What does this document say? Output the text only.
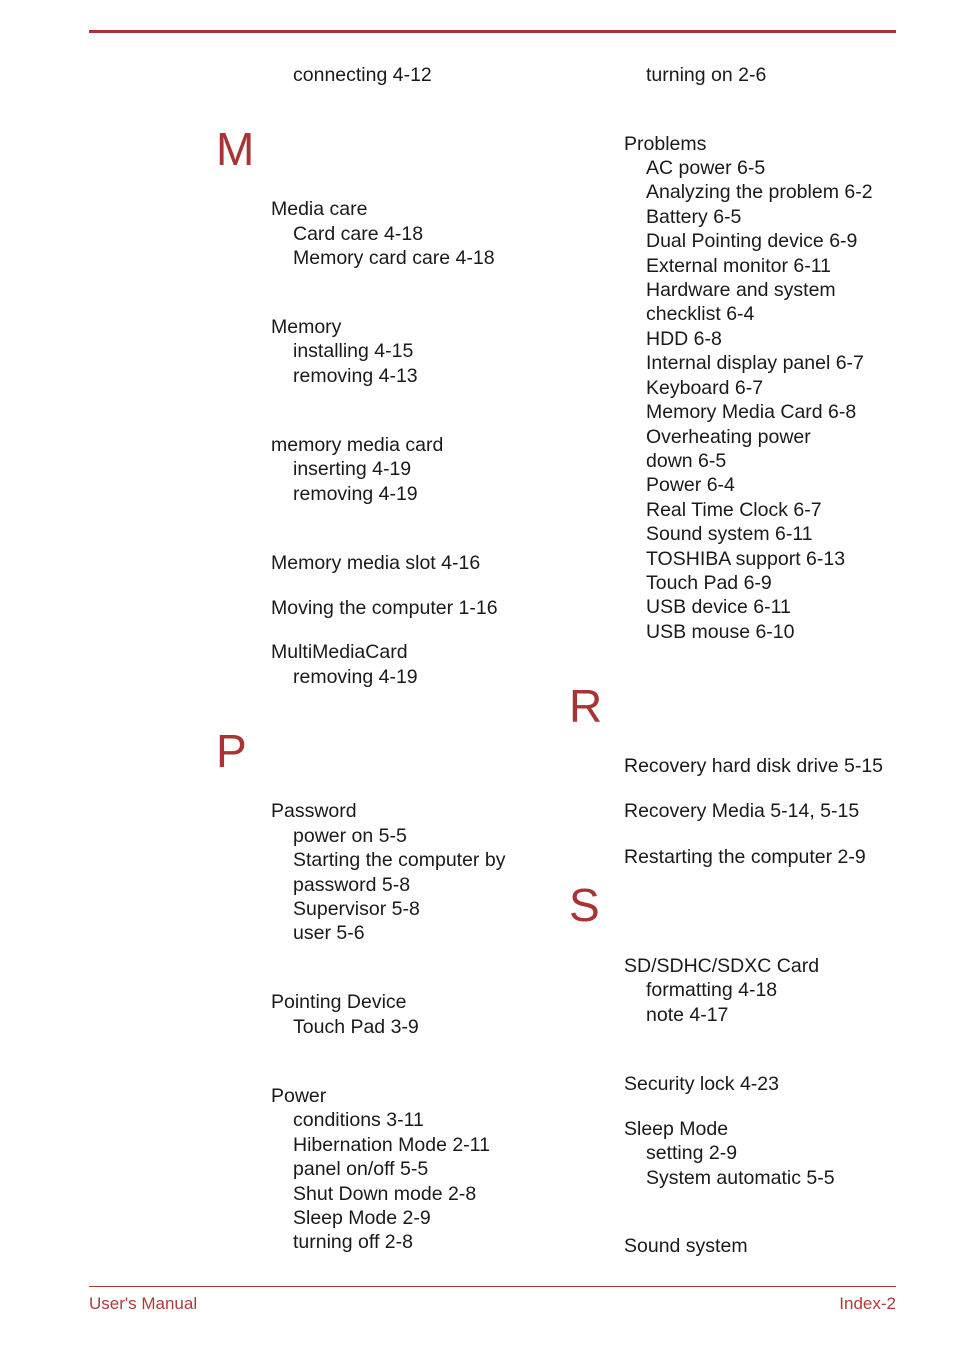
connecting 4-12
M
Media care
Card care 4-18
Memory card care 4-18
Memory
installing 4-15
removing 4-13
memory media card
inserting 4-19
removing 4-19
Memory media slot 4-16
Moving the computer 1-16
MultiMediaCard
removing 4-19
P
Password
power on 5-5
Starting the computer by
password 5-8
Supervisor 5-8
user 5-6
Pointing Device
Touch Pad 3-9
Power
conditions 3-11
Hibernation Mode 2-11
panel on/off 5-5
Shut Down mode 2-8
Sleep Mode 2-9
turning off 2-8
turning on 2-6
Problems
AC power 6-5
Analyzing the problem 6-2
Battery 6-5
Dual Pointing device 6-9
External monitor 6-11
Hardware and system
checklist 6-4
HDD 6-8
Internal display panel 6-7
Keyboard 6-7
Memory Media Card 6-8
Overheating power
down 6-5
Power 6-4
Real Time Clock 6-7
Sound system 6-11
TOSHIBA support 6-13
Touch Pad 6-9
USB device 6-11
USB mouse 6-10
R
Recovery hard disk drive 5-15
Recovery Media 5-14, 5-15
Restarting the computer 2-9
S
SD/SDHC/SDXC Card
formatting 4-18
note 4-17
Security lock 4-23
Sleep Mode
setting 2-9
System automatic 5-5
Sound system
User's Manual	Index-2
